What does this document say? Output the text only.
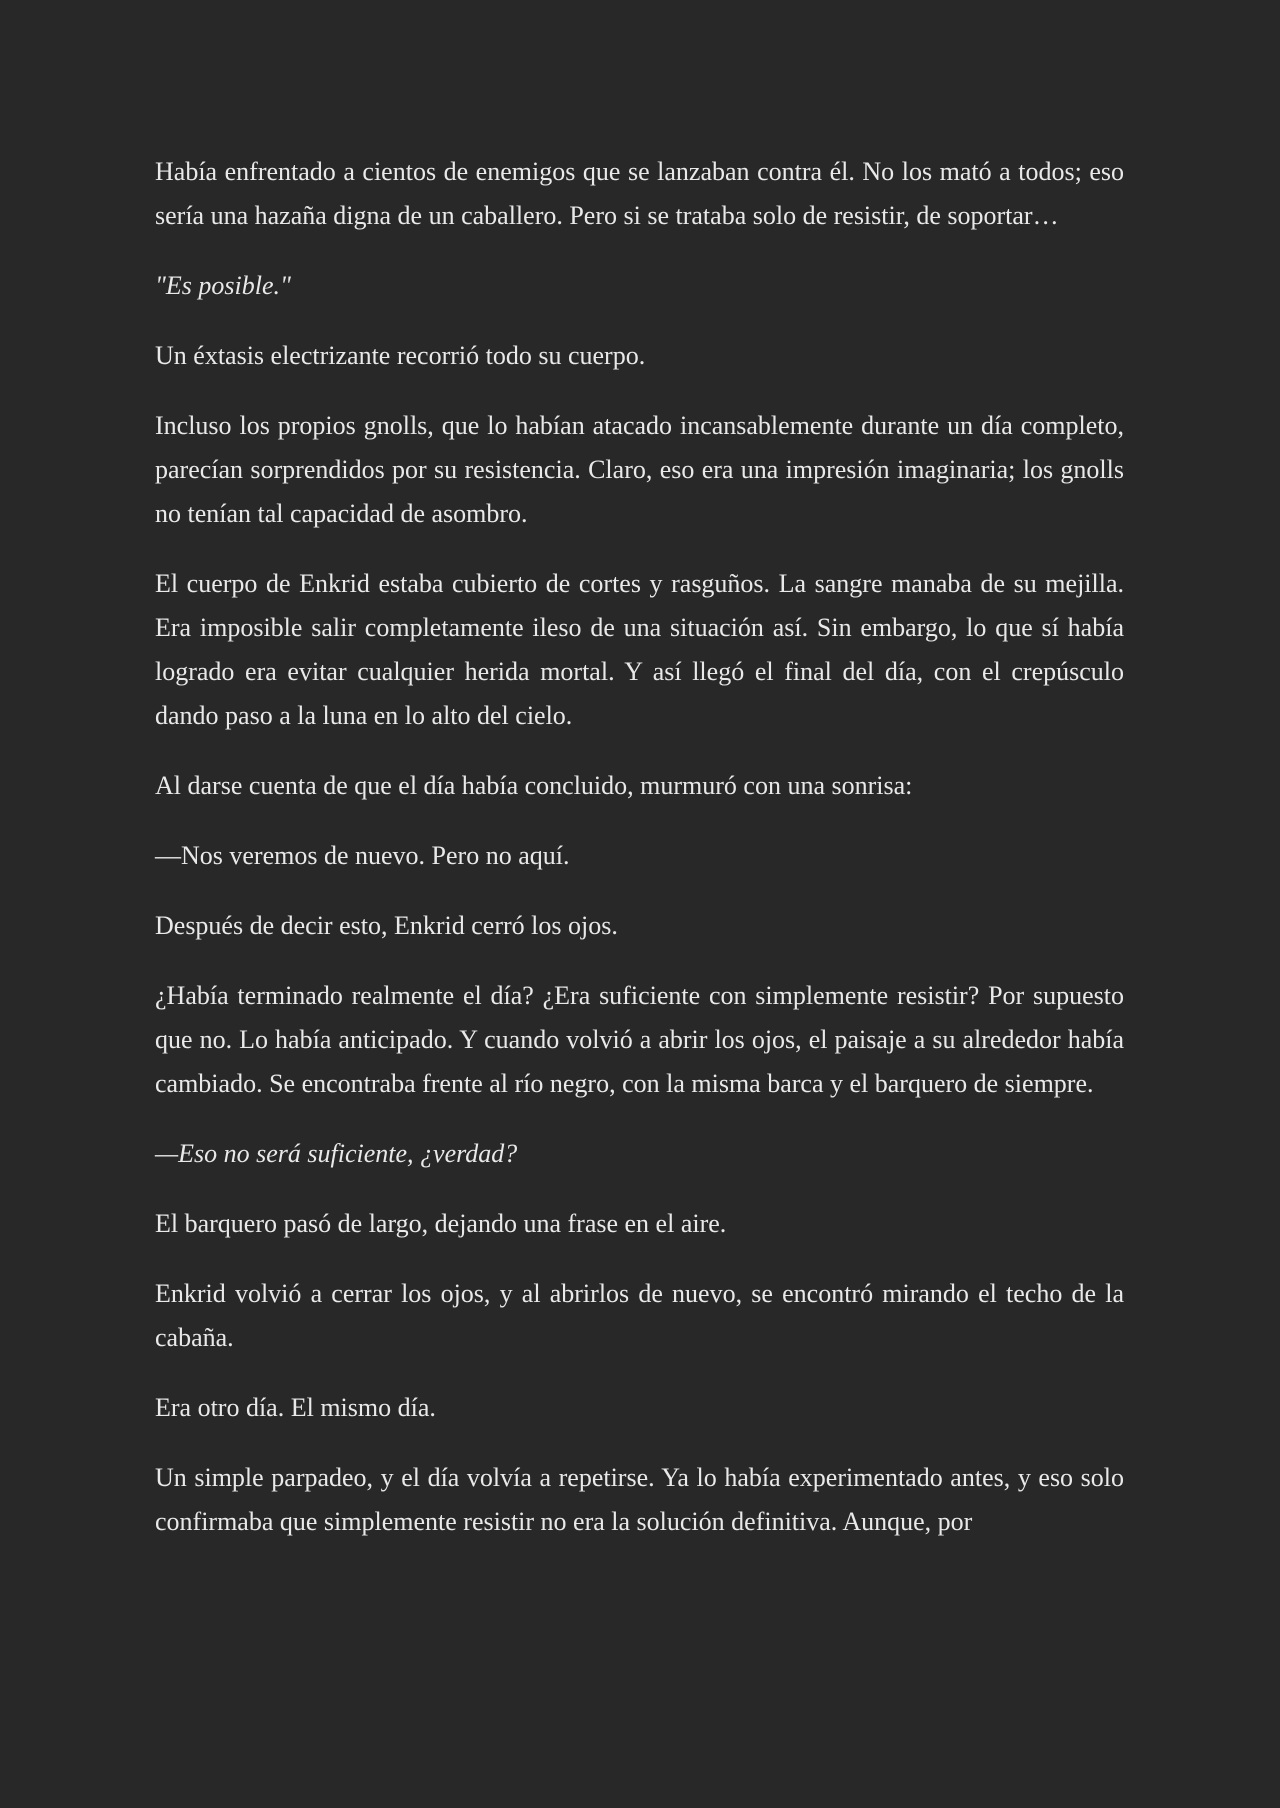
Había enfrentado a cientos de enemigos que se lanzaban contra él. No los mató a todos; eso sería una hazaña digna de un caballero. Pero si se trataba solo de resistir, de soportar…

"Es posible."

Un éxtasis electrizante recorrió todo su cuerpo.

Incluso los propios gnolls, que lo habían atacado incansablemente durante un día completo, parecían sorprendidos por su resistencia. Claro, eso era una impresión imaginaria; los gnolls no tenían tal capacidad de asombro.

El cuerpo de Enkrid estaba cubierto de cortes y rasguños. La sangre manaba de su mejilla. Era imposible salir completamente ileso de una situación así. Sin embargo, lo que sí había logrado era evitar cualquier herida mortal. Y así llegó el final del día, con el crepúsculo dando paso a la luna en lo alto del cielo.

Al darse cuenta de que el día había concluido, murmuró con una sonrisa:

—Nos veremos de nuevo. Pero no aquí.

Después de decir esto, Enkrid cerró los ojos.

¿Había terminado realmente el día? ¿Era suficiente con simplemente resistir? Por supuesto que no. Lo había anticipado. Y cuando volvió a abrir los ojos, el paisaje a su alrededor había cambiado. Se encontraba frente al río negro, con la misma barca y el barquero de siempre.

—Eso no será suficiente, ¿verdad?

El barquero pasó de largo, dejando una frase en el aire.

Enkrid volvió a cerrar los ojos, y al abrirlos de nuevo, se encontró mirando el techo de la cabaña.

Era otro día. El mismo día.

Un simple parpadeo, y el día volvía a repetirse. Ya lo había experimentado antes, y eso solo confirmaba que simplemente resistir no era la solución definitiva. Aunque, por
